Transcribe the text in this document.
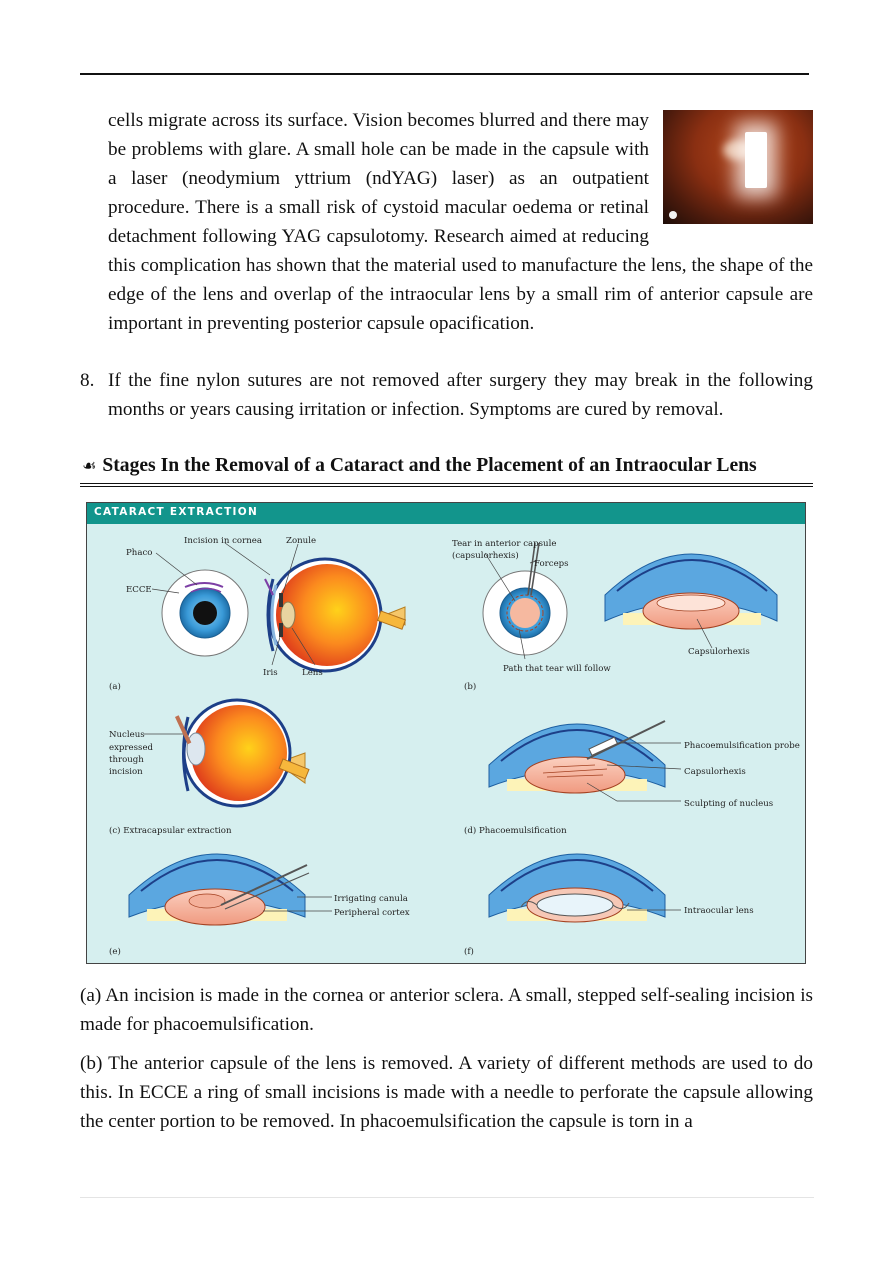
cells migrate across its surface. Vision becomes blurred and there may be problems with glare. A small hole can be made in the capsule with a laser (neodymium yttrium (ndYAG) laser) as an outpatient procedure. There is a small risk of cystoid macular oedema or retinal detachment following YAG capsulotomy. Research aimed at reducing this complication has shown that the material used to manufacture the lens, the shape of the edge of the lens and overlap of the intraocular lens by a small rim of anterior capsule are important in preventing posterior capsule opacification.

8. If the fine nylon sutures are not removed after surgery they may break in the following months or years causing irritation or infection. Symptoms are cured by removal.

☙ Stages In the Removal of a Cataract and the Placement of an Intraocular Lens
Phaco
Incision in cornea	Zonule
ECCE
Iris	Lens
(a)
Tear in anterior capsule
(capsulorhexis)
Forceps
Path that tear will follow
Capsulorhexis
(b)
Nucleus
expressed
through
incision
(c) Extracapsular extraction
Phacoemulsification probe
Capsulorhexis
Sculpting of nucleus
(d) Phacoemulsification
Irrigating canula
Peripheral cortex
(e)
Intraocular lens
(f)
CATARACT EXTRACTION

(a) An incision is made in the cornea or anterior sclera. A small, stepped self-sealing incision is made for phacoemulsification.

(b) The anterior capsule of the lens is removed. A variety of different methods are used to do this. In ECCE a ring of small incisions is made with a needle to perforate the capsule allowing the center portion to be removed. In phacoemulsification the capsule is torn in a
